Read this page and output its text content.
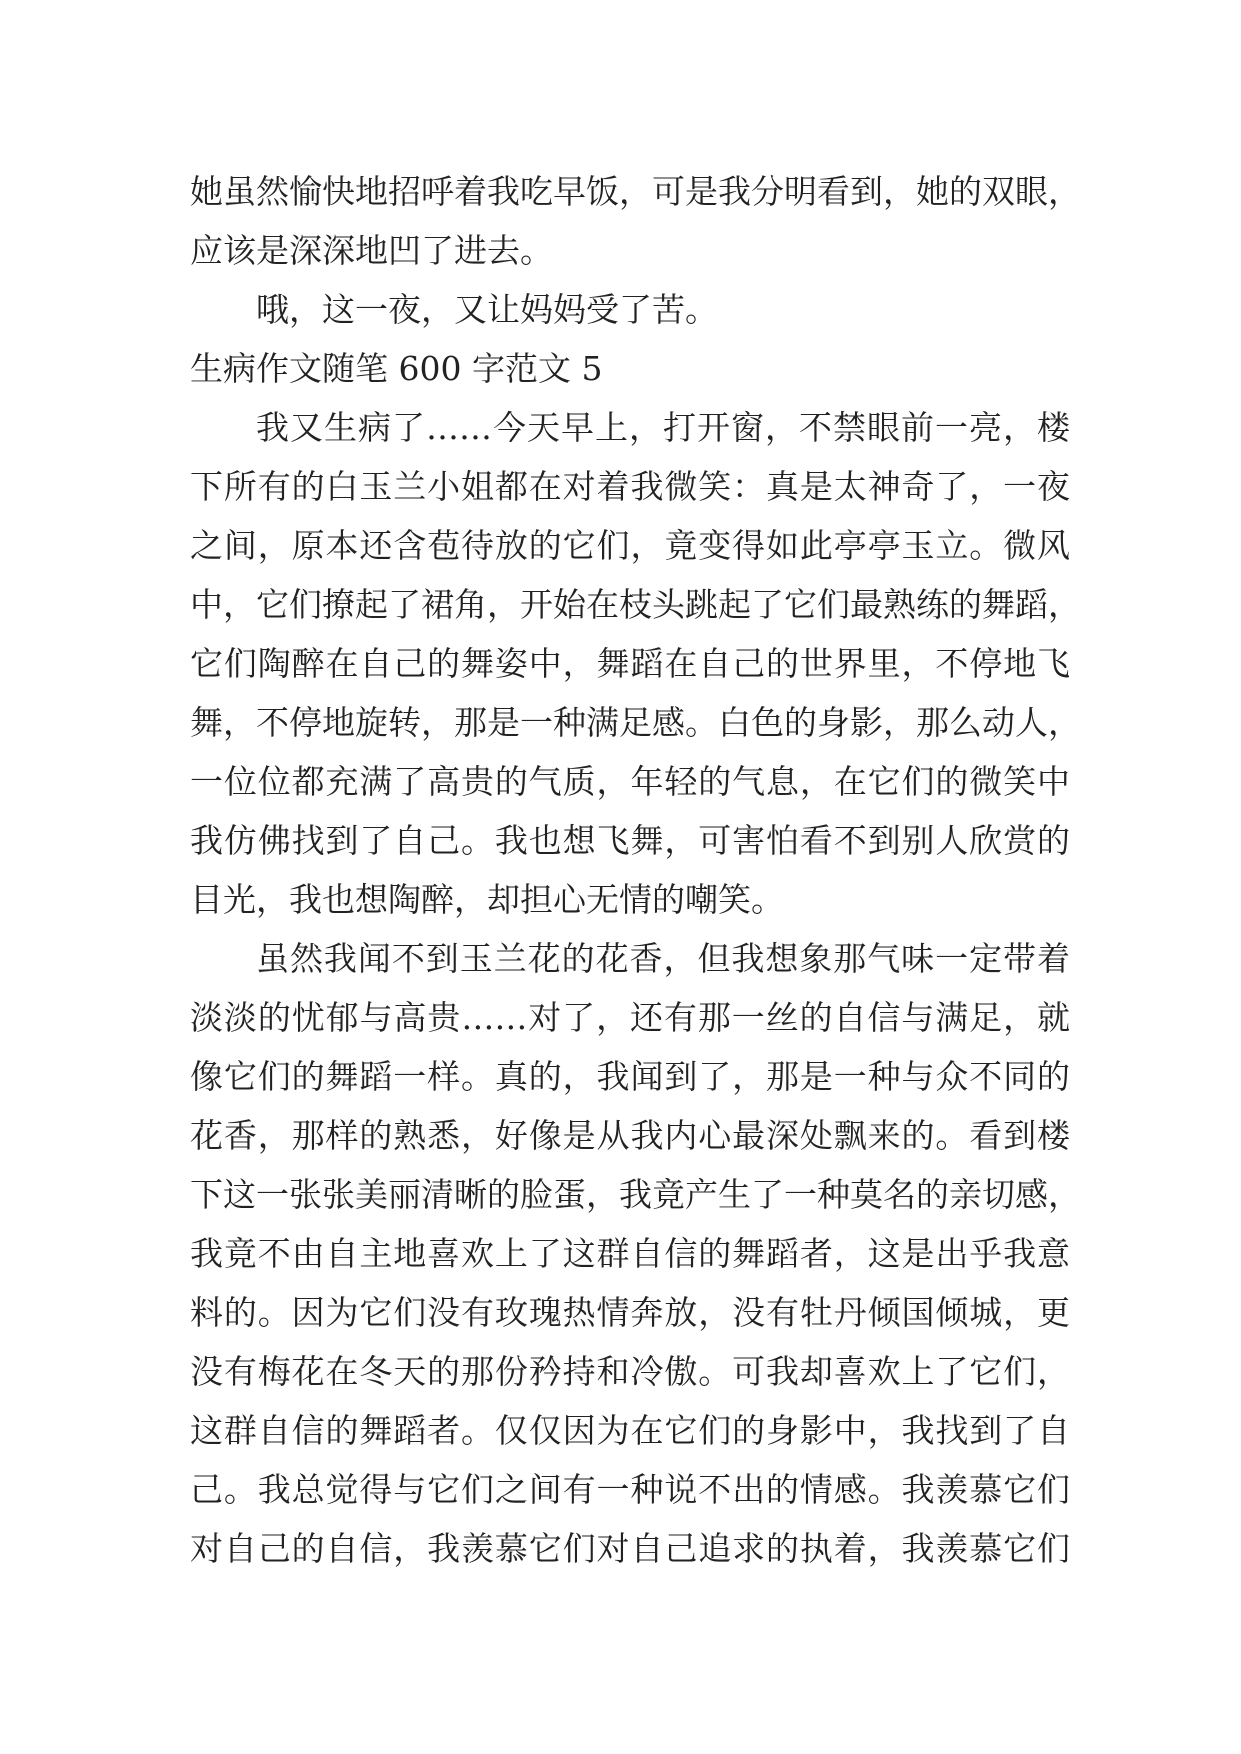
她虽然愉快地招呼着我吃早饭，可是我分明看到，她的双眼，
应该是深深地凹了进去。
哦，这一夜，又让妈妈受了苦。
生病作文随笔 600 字范文 5
我又生病了……今天早上，打开窗，不禁眼前一亮，楼
下所有的白玉兰小姐都在对着我微笑：真是太神奇了，一夜
之间，原本还含苞待放的它们，竟变得如此亭亭玉立。微风
中，它们撩起了裙角，开始在枝头跳起了它们最熟练的舞蹈，
它们陶醉在自己的舞姿中，舞蹈在自己的世界里，不停地飞
舞，不停地旋转，那是一种满足感。白色的身影，那么动人，
一位位都充满了高贵的气质，年轻的气息，在它们的微笑中
我仿佛找到了自己。我也想飞舞，可害怕看不到别人欣赏的
目光，我也想陶醉，却担心无情的嘲笑。
虽然我闻不到玉兰花的花香，但我想象那气味一定带着
淡淡的忧郁与高贵……对了，还有那一丝的自信与满足，就
像它们的舞蹈一样。真的，我闻到了，那是一种与众不同的
花香，那样的熟悉，好像是从我内心最深处飘来的。看到楼
下这一张张美丽清晰的脸蛋，我竟产生了一种莫名的亲切感，
我竟不由自主地喜欢上了这群自信的舞蹈者，这是出乎我意
料的。因为它们没有玫瑰热情奔放，没有牡丹倾国倾城，更
没有梅花在冬天的那份矜持和冷傲。可我却喜欢上了它们，
这群自信的舞蹈者。仅仅因为在它们的身影中，我找到了自
己。我总觉得与它们之间有一种说不出的情感。我羡慕它们
对自己的自信，我羡慕它们对自己追求的执着，我羡慕它们
